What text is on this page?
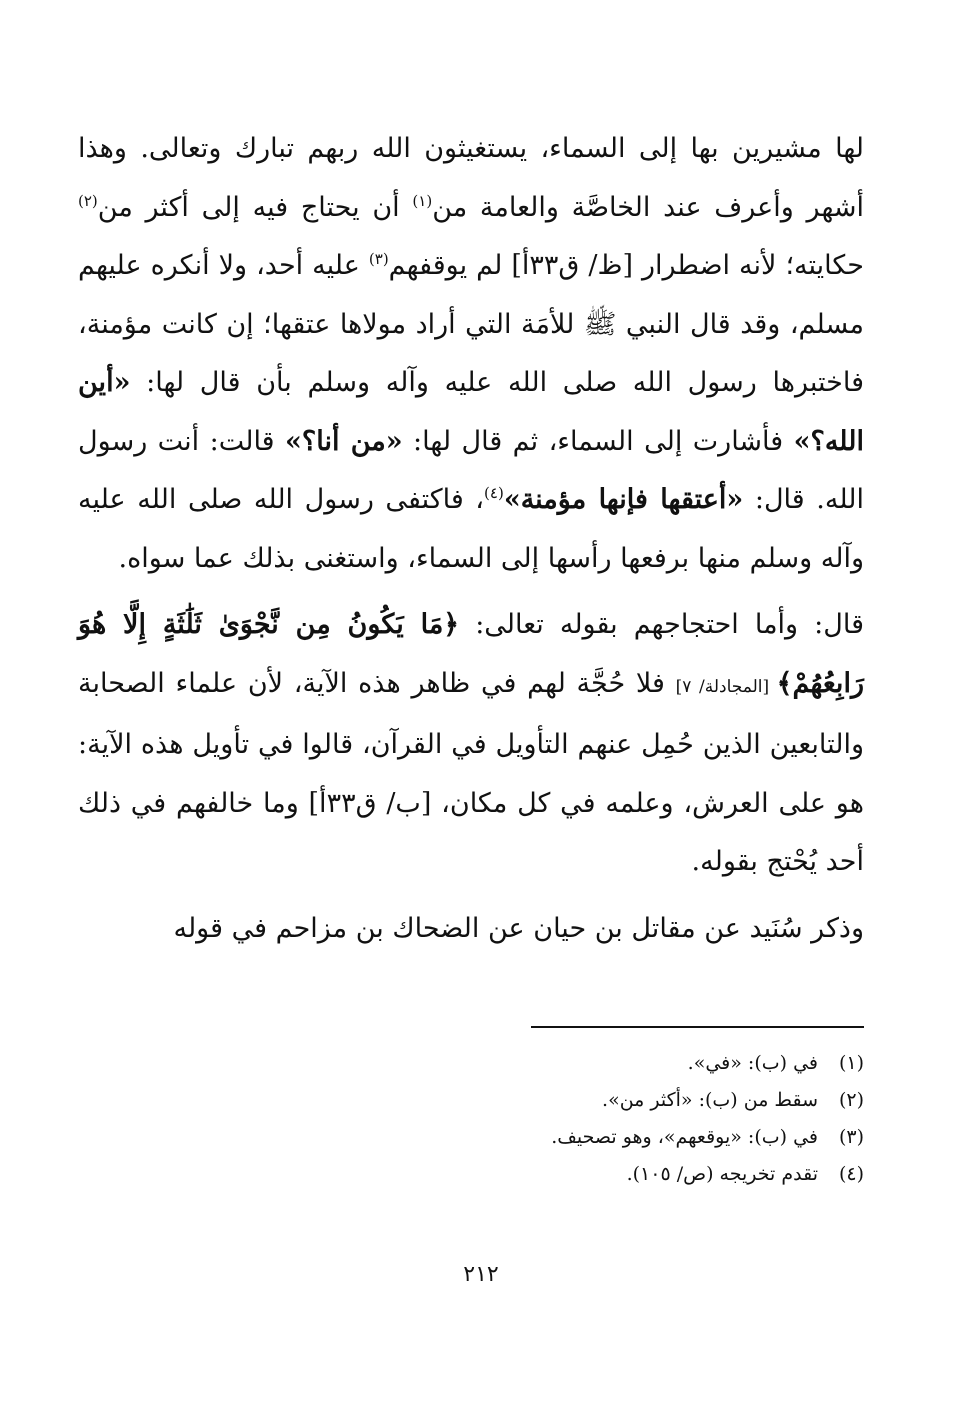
لها مشيرين بها إلى السماء، يستغيثون الله ربهم تبارك وتعالى. وهذا أشهر وأعرف عند الخاصَّة والعامة من$^{(١)}$ أن يحتاج فيه إلى أكثر من$^{(٢)}$ حكايته؛ لأنه اضطرار [ظ/ ق٣٣أ] لم يوقفهم$^{(٣)}$ عليه أحد، ولا أنكره عليهم مسلم، وقد قال النبي ﷺ للأمَة التي أراد مولاها عتقها؛ إن كانت مؤمنة، فاختبرها رسول الله صلى الله عليه وآله وسلم بأن قال لها: «أين الله؟» فأشارت إلى السماء، ثم قال لها: «من أنا؟» قالت: أنت رسول الله. قال: «أعتقها فإنها مؤمنة»$^{(٤)}$، فاكتفى رسول الله صلى الله عليه وآله وسلم منها برفعها رأسها إلى السماء، واستغنى بذلك عما سواه.

قال: وأما احتجاجهم بقوله تعالى: ﴿مَا يَكُونُ مِن نَّجْوَىٰ ثَلَٰثَةٍ إِلَّا هُوَ رَابِعُهُمْ﴾ [المجادلة/ ٧] فلا حُجَّة لهم في ظاهر هذه الآية، لأن علماء الصحابة والتابعين الذين حُمِل عنهم التأويل في القرآن، قالوا في تأويل هذه الآية: هو على العرش، وعلمه في كل مكان، [ب/ ق٣٣أ] وما خالفهم في ذلك أحد يُحْتج بقوله.

وذكر سُنَيد عن مقاتل بن حيان عن الضحاك بن مزاحم في قوله

(١)في (ب): «في».
(٢)سقط من (ب): «أكثر من».
(٣)في (ب): «يوقعهم»، وهو تصحيف.
(٤)تقدم تخريجه (ص/ ١٠٥).
٢١٢
